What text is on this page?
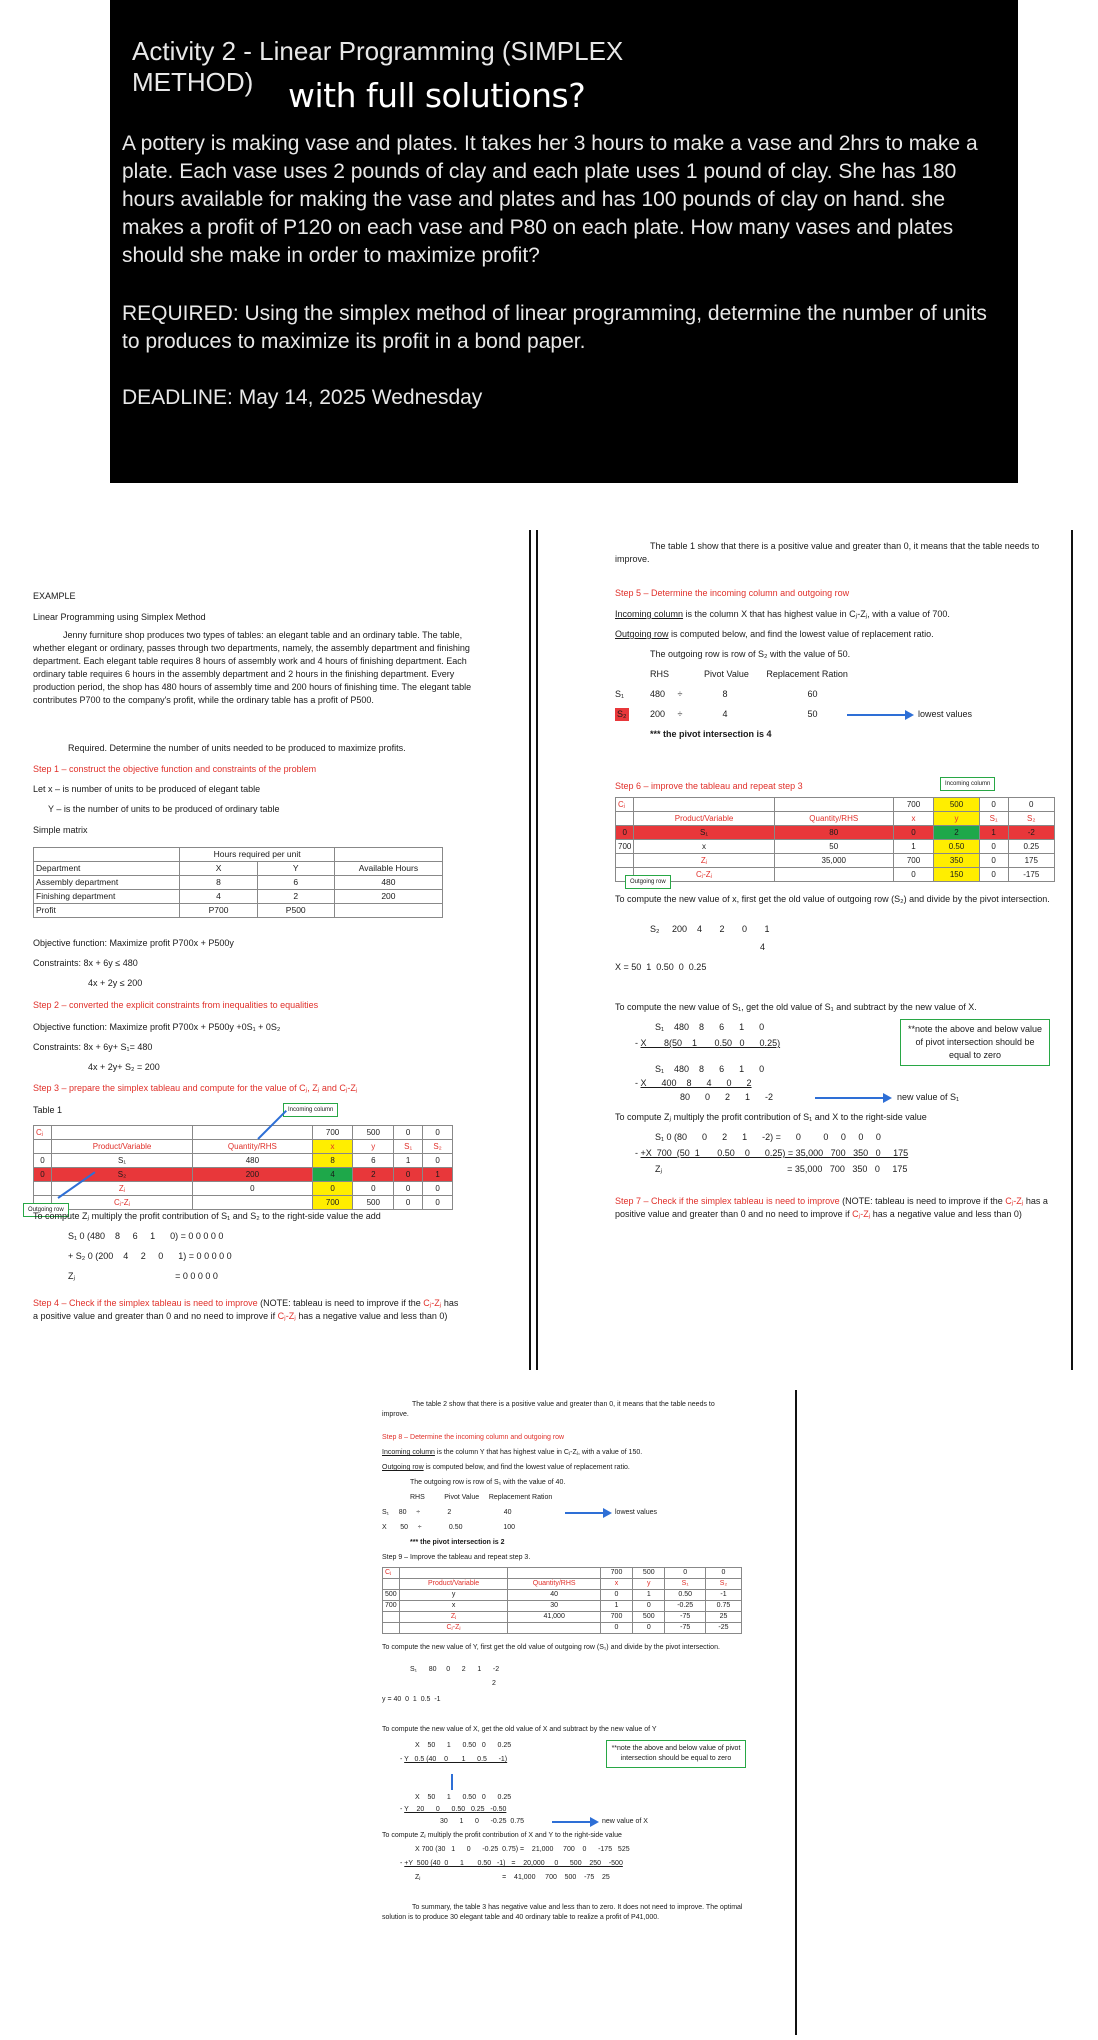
Activity 2 - Linear Programming (SIMPLEX METHOD)	with full solutions?
A pottery is making vase and plates. It takes her 3 hours to make a vase and 2hrs to make a plate. Each vase uses 2 pounds of clay and each plate uses 1 pound of clay. She has 180 hours available for making the vase and plates and has 100 pounds of clay on hand. she makes a profit of P120 on each vase and P80 on each plate. How many vases and plates should she make in order to maximize profit?
REQUIRED: Using the simplex method of linear programming, determine the number of units to produces to maximize its profit in a bond paper.
DEADLINE: May 14, 2025 Wednesday
EXAMPLE
Linear Programming using Simplex Method
Jenny furniture shop produces two types of tables: an elegant table and an ordinary table. The table, whether elegant or ordinary, passes through two departments, namely, the assembly department and finishing department. Each elegant table requires 8 hours of assembly work and 4 hours of finishing department. Each ordinary table requires 6 hours in the assembly department and 2 hours in the finishing department. Every production period, the shop has 480 hours of assembly time and 200 hours of finishing time. The elegant table contributes P700 to the company's profit, while the ordinary table has a profit of P500.
Required. Determine the number of units needed to be produced to maximize profits.
Step 1 – construct the objective function and constraints of the problem
Let x – is number of units to be produced of elegant table
Y – is the number of units to be produced of ordinary table
Simple matrix
	Hours required per unit		
Department	X	Y	Available Hours
Assembly department	8	6	480
Finishing department	4	2	200
Profit	P700	P500	
Objective function: Maximize profit P700x + P500y
Constraints: 8x + 6y ≤ 480
4x + 2y ≤ 200
Step 2 – converted the explicit constraints from inequalities to equalities
Objective function: Maximize profit P700x + P500y +0S₁ + 0S₂
Constraints: 8x + 6y+ S₁= 480
4x + 2y+ S₂ = 200
Step 3 – prepare the simplex tableau and compute for the value of Cⱼ, Zⱼ and Cⱼ-Zⱼ
Table 1	Incoming column
Cⱼ			700	500	0	0
	Product/Variable	Quantity/RHS	x	y	S₁	S₂
0	S₁	480	8	6	1	0
0	S₂	200	4	2	0	1
	Zⱼ	0	0	0	0	0
	Cⱼ-Zⱼ		700	500	0	0
Outgoing row
To compute Zⱼ multiply the profit contribution of S₁ and S₂ to the right-side value the add
S₁ 0 (480    8     6     1      0) = 0 0 0 0 0
+ S₂ 0 (200    4     2     0      1) = 0 0 0 0 0
Zⱼ                                        = 0 0 0 0 0
Step 4 – Check if the simplex tableau is need to improve (NOTE: tableau is need to improve if the Cⱼ-Zⱼ has a positive value and greater than 0 and no need to improve if Cⱼ-Zⱼ has a negative value and less than 0)
The table 1 show that there is a positive value and greater than 0, it means that the table needs to improve.
Step 5 – Determine the incoming column and outgoing row
Incoming column is the column X that has highest value in Cⱼ-Zⱼ, with a value of 700.
Outgoing row is computed below, and find the lowest value of replacement ratio.
The outgoing row is row of S₂ with the value of 50.
RHS              Pivot Value       Replacement Ration
S₁	480     ÷                8                                60
S₂	200     ÷                4                                50	lowest values
*** the pivot intersection is 4
Step 6 – improve the tableau and repeat step 3	Incoming column
Cⱼ			700	500	0	0
	Product/Variable	Quantity/RHS	x	y	S₁	S₂
0	S₁	80	0	2	1	-2
700	x	50	1	0.50	0	0.25
	Zⱼ	35,000	700	350	0	175
	Cⱼ-Zⱼ		0	150	0	-175
Outgoing row
To compute the new value of x, first get the old value of outgoing row (S₂) and divide by the pivot intersection.
S₂     200    4       2       0       1
4
X = 50  1  0.50  0  0.25
To compute the new value of S₁, get the old value of S₁ and subtract by the new value of X.
**note the above and below value of pivot intersection should be equal to zero
S₁    480    8      6      1      0
- X       8(50    1       0.50   0      0.25)
S₁    480    8      6      1      0
- X      400    8      4      0      2
80      0      2      1      -2	new value of S₁
To compute Zⱼ multiply the profit contribution of S₁ and X to the right-side value
S₁ 0 (80      0      2      1      -2) =      0         0     0     0     0
- +X  700  (50  1       0.50    0      0.25) = 35,000   700   350   0     175
Zⱼ                                                  = 35,000   700   350   0     175
Step 7 – Check if the simplex tableau is need to improve (NOTE: tableau is need to improve if the Cⱼ-Zⱼ has a positive value and greater than 0 and no need to improve if Cⱼ-Zⱼ has a negative value and less than 0)
The table 2 show that there is a positive value and greater than 0, it means that the table needs to improve.
Step 8 – Determine the incoming column and outgoing row
Incoming column is the column Y that has highest value in Cⱼ-Zⱼ, with a value of 150.
Outgoing row is computed below, and find the lowest value of replacement ratio.
The outgoing row is row of S₁ with the value of 40.
RHS          Pivot Value     Replacement Ration
S₁     80     ÷              2                           40	lowest values
X       50     ÷              0.50                     100
*** the pivot intersection is 2
Step 9 – Improve the tableau and repeat step 3.
Cⱼ			700	500	0	0
	Product/Variable	Quantity/RHS	x	y	S₁	S₂
500	y	40	0	1	0.50	-1
700	x	30	1	0	-0.25	0.75
	Zⱼ	41,000	700	500	-75	25
	Cⱼ-Zⱼ		0	0	-75	-25
To compute the new value of Y, first get the old value of outgoing row (S₁) and divide by the pivot intersection.
S₁      80     0      2      1      -2
2
y = 40  0  1  0.5  -1
To compute the new value of X, get the old value of X and subtract by the new value of Y
**note the above and below value of pivot intersection should be equal to zero
X    50      1      0.50   0      0.25
- Y   0.5 (40    0       1      0.5      -1)
X    50      1      0.50   0      0.25
- Y    20      0      0.50   0.25   -0.50
30      1      0      -0.25  0.75	new value of X
To compute Zⱼ multiply the profit contribution of X and Y to the right-side value
X 700 (30   1      0      -0.25  0.75) =    21,000     700    0      -175   525
- +Y  500 (40  0      1       0.50   -1)   =    20,000     0      500    250    -500
Zⱼ                                          =    41,000     700    500    -75    25
To summary, the table 3 has negative value and less than to zero. It does not need to improve. The optimal solution is to produce 30 elegant table and 40 ordinary table to realize a profit of P41,000.
